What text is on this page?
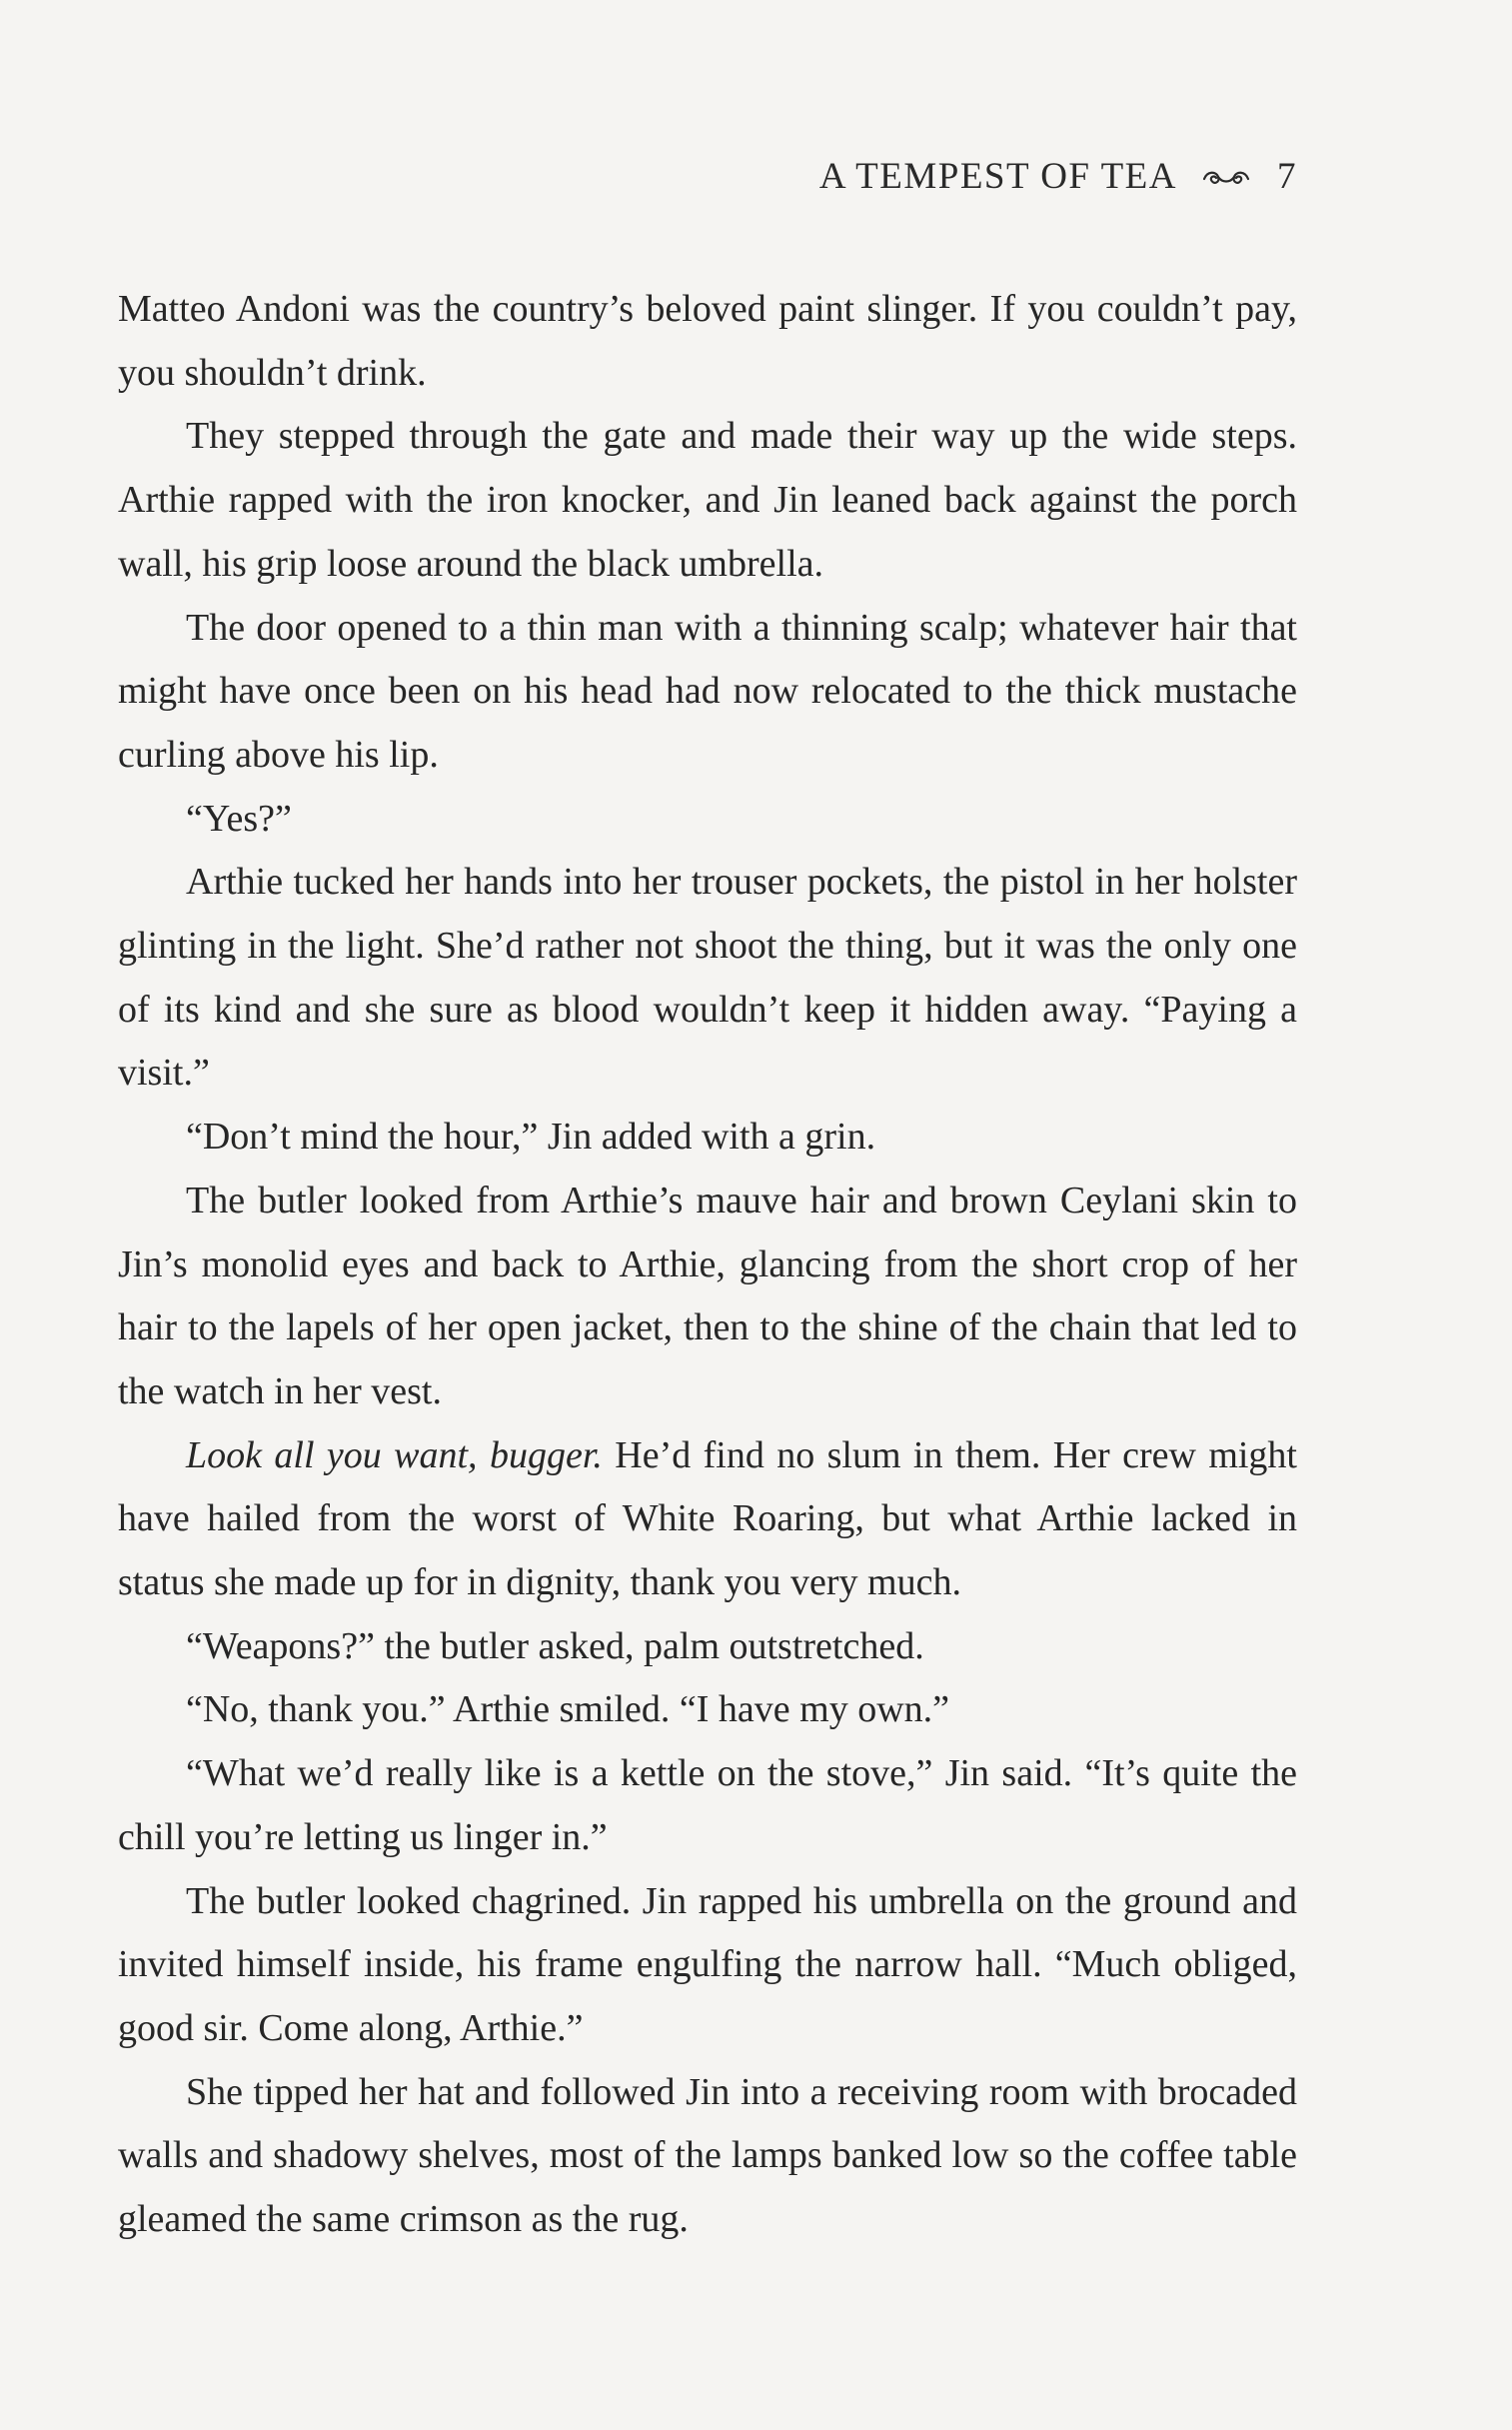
A TEMPEST OF TEA	7

Matteo Andoni was the country’s beloved paint slinger. If you couldn’t pay, you shouldn’t drink.

They stepped through the gate and made their way up the wide steps. Arthie rapped with the iron knocker, and Jin leaned back against the porch wall, his grip loose around the black umbrella.

The door opened to a thin man with a thinning scalp; whatever hair that might have once been on his head had now relocated to the thick mustache curling above his lip.

“Yes?”

Arthie tucked her hands into her trouser pockets, the pistol in her holster glinting in the light. She’d rather not shoot the thing, but it was the only one of its kind and she sure as blood wouldn’t keep it hidden away. “Paying a visit.”

“Don’t mind the hour,” Jin added with a grin.

The butler looked from Arthie’s mauve hair and brown Ceylani skin to Jin’s monolid eyes and back to Arthie, glancing from the short crop of her hair to the lapels of her open jacket, then to the shine of the chain that led to the watch in her vest.

Look all you want, bugger. He’d find no slum in them. Her crew might have hailed from the worst of White Roaring, but what Arthie lacked in status she made up for in dignity, thank you very much.

“Weapons?” the butler asked, palm outstretched.

“No, thank you.” Arthie smiled. “I have my own.”

“What we’d really like is a kettle on the stove,” Jin said. “It’s quite the chill you’re letting us linger in.”

The butler looked chagrined. Jin rapped his umbrella on the ground and invited himself inside, his frame engulfing the narrow hall. “Much obliged, good sir. Come along, Arthie.”

She tipped her hat and followed Jin into a receiving room with brocaded walls and shadowy shelves, most of the lamps banked low so the coffee table gleamed the same crimson as the rug.
